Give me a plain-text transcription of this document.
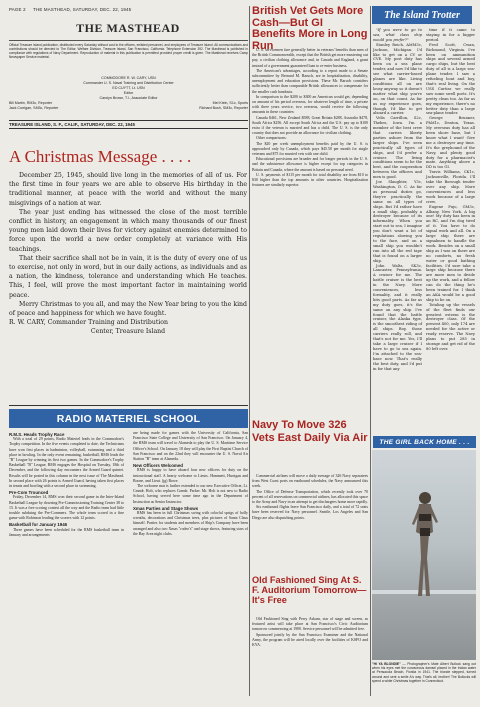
PAGE 2 THE MASTHEAD, SATURDAY, DEC. 22, 1945
THE MASTHEAD
Official Treasure Island publication, distributed every Saturday without cost to the officers, enlisted personnel, and employees of Treasure Island. All communications and contributions should be directed to The Editor, Welfare Division, Treasure Island, San Francisco, California. Telephone Extension 392. The Masthead is published in compliance with regulations of Navy Department. Reproduction of material in this publication is permitted provided proper credit is given. The Masthead receives Camp Newspaper Service material.
COMMODORE R. W. CARY, USN
Commander U. S. Naval Training and Distribution Center
ED CUYTT, Lt. USN
Editor
Carolyn Brown, T.I., Associate Editor
Bill Martin, RM3c, Reporter	Mel Klein, S1c, Sports
Jack Corrigan, SM3c, Reporter	Richard Bush, SM3c, Reporter
TREASURE ISLAND, S. F., CALIF., SATURDAY, DEC. 22, 1945
A Christmas Message . . . .

December 25, 1945, should live long in the memories of all of us. For the first time in four years we are able to observe His birthday in the traditional manner, at peace with the world and without the many misgivings of a nation at war.

The year just ending has witnessed the close of the most terrible conflict in history, an engagement in which many thousands of our finest young men laid down their lives for victory against enemies determined to force upon the world a new order completely at variance with His teachings.

That their sacrifice shall not be in vain, it is the duty of every one of us to exercise, not only in word, but in our daily actions, as individuals and as a nation, the kindness, tolerance and understanding which He teaches. This, I feel, will prove the most important factor in maintaining world peace.

Merry Christmas to you all, and may the New Year bring to you the kind of peace and happiness for which we have fought.

R. W. CARY, Commander Training and Distribution

Center, Treasure Island

RADIO MATERIEL SCHOOL
R.M.S. Heads Trophy Race

With a total of 29 points, Radio Materiel leads in the Commodore's Trophy competition. In the five events completed to date, the Technicians have won first places in badminton, volleyball, swimming and a third place in bowling. In the only event remaining, basketball, RMS leads the "B" League by winning its first two games. In the Commodore's Trophy Basketball "B" League, RMS engages the Hospital on Tuesday, 18th of December, and the following day encounters the Armed Guard quintet. Results will be posted in this column in the next issue of The Masthead. In second place with 26 points is Armed Guard, having taken first places in tennis and bowling with a second place in swimming.

Pre-Com Trounced

Friday, December 14, RMS won their second game in the Inter-Island Basketball League by downing Pre-Commissioning Training Center 38 to 15. It was a free scoring contest all the way and the Radio team had little trouble subduing the Pre-Commers. The whole team scored in a fine game with Robinson leading the scorers with 12 points.

Basketball for January 1946

Three games have been scheduled for the RMS basketball team in January and arrangements

are being made for games with the University of California, San Francisco State College and University of San Francisco. On January 4, the RMS team will travel to Alameda to play the U. S. Maritime Service Officer's School. On January 18 they will play the First Baptist Church of San Francisco and on the 22nd they will encounter the U. S. Naval Air Station "B" team at Alameda.

New Officers Welcomed

RMS is happy to have aboard four new officers for duty on the instructional staff. A hearty welcome to Lieuts. Hammett, Harrigan and Boone, and Lieut. (jg) Rowe.

The welcome mat is further extended to our new Executive Officer, Lt. Cmndr. Holt, who replaces Comdr. Parker. Mr. Holt is not new to Radio School, having served here some time ago in the Department of Instruction as Senior Instructor.

Xmas Parties and Stage Shows

RMS has been in full Christmas swing with colorful sprigs of holly wreaths, decorations and Christmas trees, plus pictures of Santa Claus himself. Parties for students and members of Ship's Company have been arranged and also two Xmas "rodeo's" and stage shows, featuring stars of the Bay Area night clubs.

British Vet Gets More Cash—But GI Benefits More in Long Run

U. S. servicemen fare generally better in veterans' benefits than men of the British Commonwealth, except that the British get more mustering out pay, a civilian clothing allowance and, in Canada and England, a grant instead of a government guaranteed loan to re-enter business.

The American's advantages, according to a report made to a Senate subcommittee by Bernard M. Baruch, are in hospitalization, disability, unemployment and education provisions. These Mr. Baruch considers sufficiently better than comparable British allowances to compensate for the smaller cash handouts.

In comparison to the $200 to $300 an American would get, depending on amount of his period overseas, for whatever length of time, a private with three years service, two overseas, would receive the following amounts in these countries:

Canada $461, New Zealand $588, Great Britain $288, Australia $478, South Africa $256. All except South Africa and the U.S. pay up to $100 extra if the veteran is married and has a child. The U. S. is the only country that does not provide an allowance for civilian clothing.

Other comparisons:

The $20 per week unemployment benefits paid by the U. S. is approached only by Canada, which pays $45.50 per month for single veterans and $75 for married vets with one child.

Educational provisions are broader and for longer periods in the U. S. and the subsistence allowance is higher except for top categories in Britain and Canada, where the amount is based on personal need.

U. S. payments of $115 per month for total disability are from $10 to $30 higher than the top amounts in other countries. Hospitalization features are similarly superior.

Navy To Move 326 Vets East Daily Via Air

Commercial airlines will move a daily average of 326 Navy separatees from West Coast ports on eastbound schedules, the Navy announced this week.

The Office of Defense Transportation, which recently took over 70 percent of all reservations on commercial airlines, has allocated this space to the Army and Navy in an attempt to get dischargees home more rapidly.

Six eastbound flights leave San Francisco daily, and a total of 72 seats have been reserved for Navy personnel. Seattle, Los Angeles and San Diego are also dispatching points.

Old Fashioned Sing At S. F. Auditorium Tomorrow—It's Free

Old Fashioned Sing with Perry Askam, star of stage and screen, as featured artist will take place at San Francisco's Civic Auditorium tomorrow commencing at 1900. Service personnel will be admitted free.

Sponsored jointly by the San Francisco Examiner and the National Army, the program will be aired locally over the facilities of KSFO and KYA.

The Island Trotter

"If you were to go to sea, what class ship would you prefer?"

Stanley Reich, AMM3c, Jackson, Michigan. I'd like to get on a CV or CVE. My post duty has been on a sea plane tender, and now I'd like to see what carrier-based planes are like. Living conditions all on are lousy anyway so it doesn't matter what ship you're on, on that count. As far as my experience goes, though, I'd like to get aboard a carrier.

Velis Carrillon, S2c, Thebes, Iowa. I'm a member of the best crew that carries liberty parties ashore from the larger ships. I've seen practically all types of ships, and I'd prefer a cruiser. The living conditions seem to be the best, and the cooperation between the officers and men is good.

Joe Slaughter, Y3c, Washington, D. C. As far as personal duties go, they're practically the same on all types of ships. But I'd rather have a small ship, probably a destroyer because of its informality. When you start out to sea, I imagine you don't want a lot of regulations slowing you to the face, and on a small ship you wouldn't run into all the red tape that is found on a larger ship.

John Waltz, SK3c, Lancaster, Pennsylvania. A cruiser for me. The battle cruiser is the best in the Navy. More conveniences, less formality, and it really hits good parts. As far as my duty goes, it's the same on any ship. I've found that the battle cruiser, the Alaska type, is the smoothest riding of all ships. Boy, those carriers really roll, and that's not for me. Yes, I'll take a large cruiser if I have to go to sea again. I'm attached to the sea-base now. That's really the best duty, and I'd put in for that any

time if it came to staying in for a bigger period.

Fred Scott, Cwan, Richmond, Virginia. I've been on ammunition ships and several armed cargo ships, but the best duty of all is a large sea-plane tender. I saw a refueling boat and boy, that's real living. On the USS Curtiss we really saw some swell ports. It's pretty clean too. As far as my experience, there's no better duty than a large sea-plane tender.

George Brunner, PhM1c, Denton, Texas. My overseas duty has all been shore base, but I know what I want! Give me a destroyer any time. It's the greyhound of the Navy, and plenty good duty for a pharmacist's mate. Anything above a DD is too GI.

Travis Williams, CK1c, Jacksonville, Florida. I'll take the Borough tender over any ship. More conveniences and less work because of a large crew.

Eugene Pujo, GM3c, Albany, New York. A big one! My duty has been in an RC, and I'm dog tired of it. You have to do signal work and all. On a large ship there are signalmen to handle the work. Besides on a small ship as I was on there are no comforts, no fresh water or good bathing facilities. I'd sure take a large ship because there are more men to divide up the work, and a fellow can do the thing he's been trained for. I think an AKA would be a good ship to be on.

Totaling up the vessels of the fleet finds our greatest esteem is the destroyer class. Of the present 400, only 174 are needed for the active or ready reserve. The Navy plans to put 285 in storage and get rid of the 80 left over.

THE GIRL BACK HOME . . .
"HI YA BLONDIE" — Photographer's Mate Albert Bullock sang out when his eyes met the curvaceous damsel placed in the Indian water at Pensacola Beach, Florida in 1941. The blonde stepped, turned around and sent a smile A's way. That's all, brother! The Bullocks will spend a white Christmas together in Connecticut.
